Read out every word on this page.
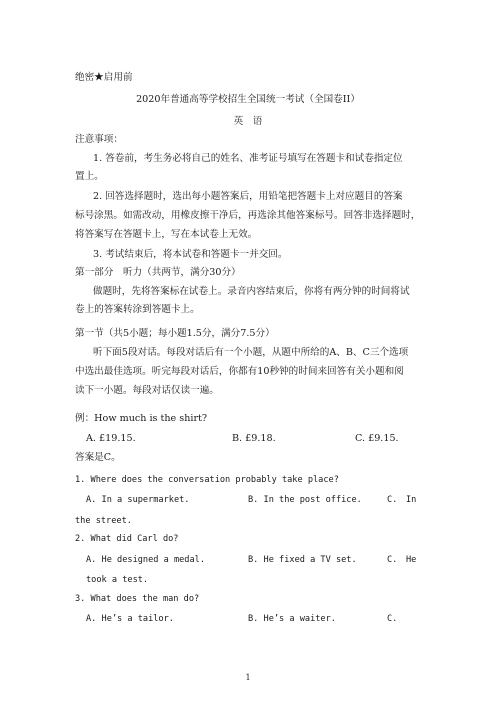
绝密★启用前
2020年普通高等学校招生全国统一考试（全国卷II）
英　语
注意事项：
1. 答卷前，考生务必将自己的姓名、准考证号填写在答题卡和试卷指定位
置上。
2. 回答选择题时，选出每小题答案后，用铅笔把答题卡上对应题目的答案
标号涂黑。如需改动，用橡皮擦干净后，再选涂其他答案标号。回答非选择题时，
将答案写在答题卡上，写在本试卷上无效。
3. 考试结束后，将本试卷和答题卡一并交回。
第一部分　听力（共两节，满分30分）
做题时，先将答案标在试卷上。录音内容结束后，你将有两分钟的时间将试
卷上的答案转涂到答题卡上。
第一节（共5小题；每小题1.5分，满分7.5分）
听下面5段对话。每段对话后有一个小题，从题中所给的A、B、C三个选项
中选出最佳选项。听完每段对话后，你都有10秒钟的时间来回答有关小题和阅
读下一小题。每段对话仅读一遍。
例：How much is the shirt?
A. £19.15.	B. £9.18.	C. £9.15.
答案是C。
1. Where does the conversation probably take place?
A. In a supermarket.	B. In the post office.	C.　In
the street.
2. What did Carl do?
A. He designed a medal.	B. He fixed a TV set.	C.　He
took a test.
3. What does the man do?
A. He’s a tailor.	B. He’s a waiter.	C.
1
